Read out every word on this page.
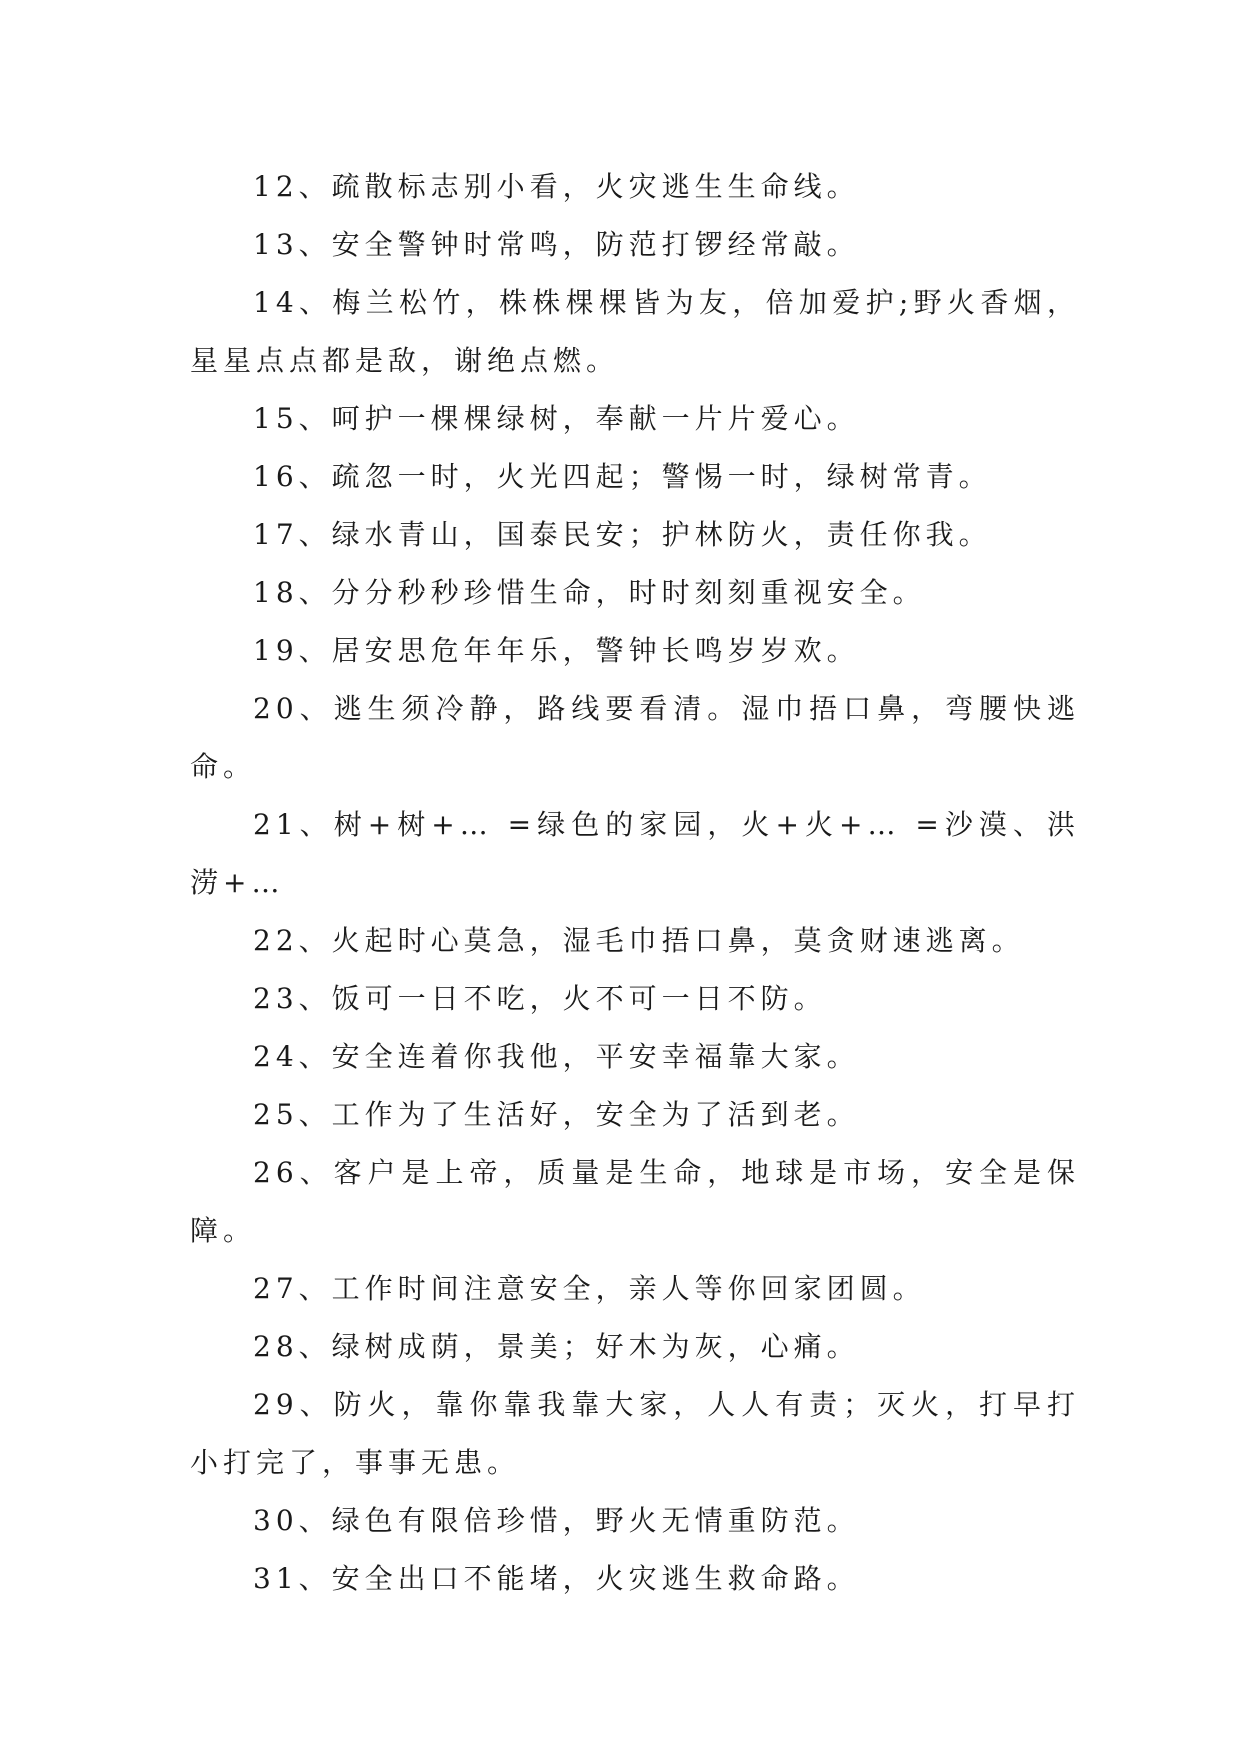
12、疏散标志别小看，火灾逃生生命线。

13、安全警钟时常鸣，防范打锣经常敲。

14、梅兰松竹，株株棵棵皆为友，倍加爱护;野火香烟，星星点点都是敌，谢绝点燃。

15、呵护一棵棵绿树，奉献一片片爱心。

16、疏忽一时，火光四起；警惕一时，绿树常青。

17、绿水青山，国泰民安；护林防火，责任你我。

18、分分秒秒珍惜生命，时时刻刻重视安全。

19、居安思危年年乐，警钟长鸣岁岁欢。

20、逃生须冷静，路线要看清。湿巾捂口鼻，弯腰快逃命。

21、树+树+… =绿色的家园，火+火+… =沙漠、洪涝+…

22、火起时心莫急，湿毛巾捂口鼻，莫贪财速逃离。

23、饭可一日不吃，火不可一日不防。

24、安全连着你我他，平安幸福靠大家。

25、工作为了生活好，安全为了活到老。

26、客户是上帝，质量是生命，地球是市场，安全是保障。

27、工作时间注意安全，亲人等你回家团圆。

28、绿树成荫，景美；好木为灰，心痛。

29、防火，靠你靠我靠大家，人人有责；灭火，打早打小打完了，事事无患。

30、绿色有限倍珍惜，野火无情重防范。

31、安全出口不能堵，火灾逃生救命路。
